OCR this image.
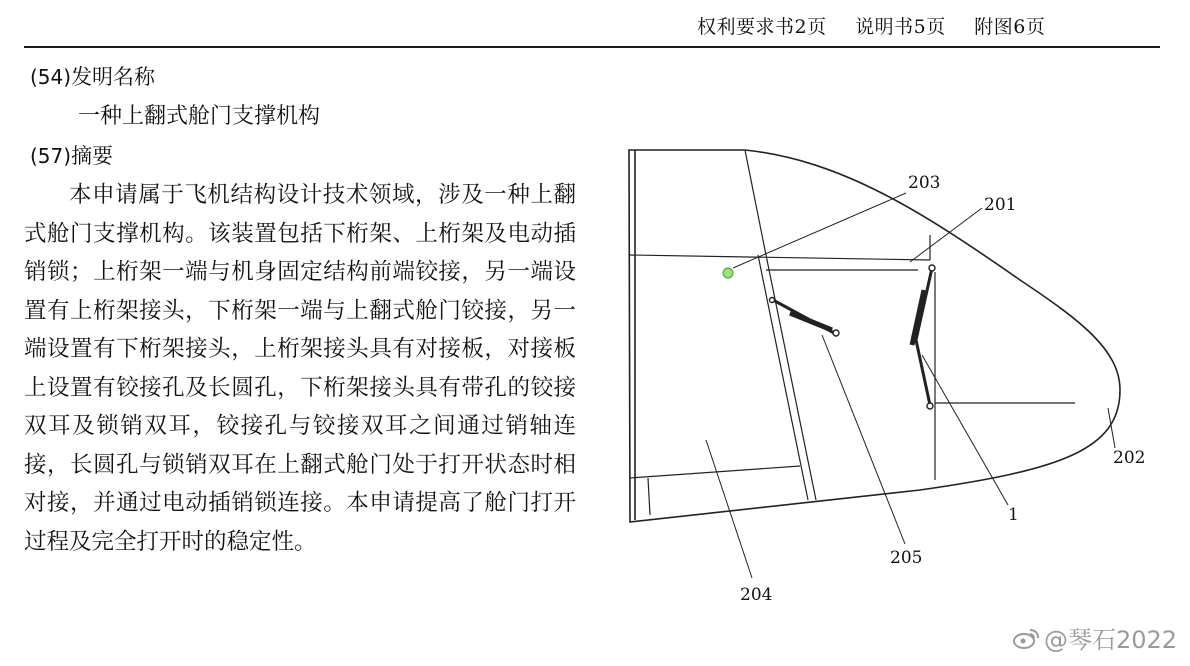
权利要求书2页 说明书5页 附图6页
(54)发明名称
一种上翻式舱门支撑机构
(57)摘要

本申请属于飞机结构设计技术领域，涉及一种上翻式舱门支撑机构。该装置包括下桁架、上桁架及电动插销锁；上桁架一端与机身固定结构前端铰接，另一端设置有上桁架接头，下桁架一端与上翻式舱门铰接，另一端设置有下桁架接头，上桁架接头具有对接板，对接板上设置有铰接孔及长圆孔，下桁架接头具有带孔的铰接双耳及锁销双耳，铰接孔与铰接双耳之间通过销轴连接，长圆孔与锁销双耳在上翻式舱门处于打开状态时相对接，并通过电动插销锁连接。本申请提高了舱门打开过程及完全打开时的稳定性。

203
201
202
1
205
204
@琴石2022
